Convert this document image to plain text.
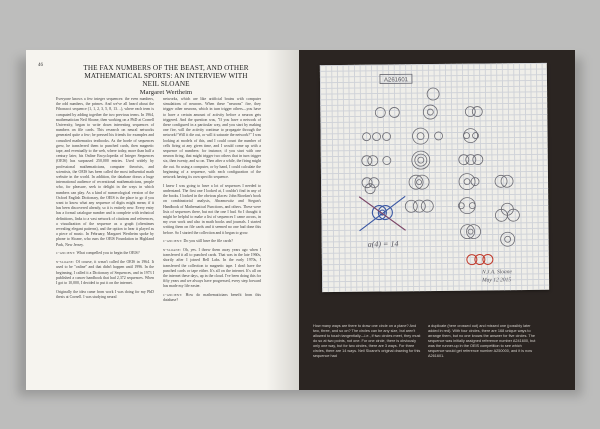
46	THE FAX NUMBERS OF THE BEAST, AND OTHER
MATHEMATICAL SPORTS: AN INTERVIEW WITH NEIL SLOANE
Margaret Wertheim

Everyone knows a few integer sequences: the even numbers, the odd numbers, the primes. And we've all heard about the Fibonacci sequence (1, 1, 2, 3, 5, 8, 13…), where each term is computed by adding together the two previous terms. In 1964, mathematician Neil Sloane, then working on a PhD at Cornell University, began to write down interesting sequences of numbers on file cards. This research on neural networks generated quite a few; he pressed his friends for examples and consulted mathematics textbooks. As the horde of sequences grew, he transferred them to punched cards, then magnetic tape, and eventually to the web, where today, more than half a century later, his Online Encyclopedia of Integer Sequences (OEIS) has surpassed 250,000 entries. Used widely by professional mathematicians, computer theorists, and scientists, the OEIS has been called the most influential math website in the world. In addition, the database draws a huge international audience of recreational mathematicians, people who, for pleasure, seek to delight in the ways in which numbers can play. As a kind of numerological version of the Oxford English Dictionary, the OEIS is the place to go if you want to know what any sequence of digits might mean; if it has been discovered already, so it is entirely new. Every entry has a formal catalogue number and is complete with technical definitions, links to a vast network of citations and references, a visualization of the sequence as a graph (oftentimes revealing elegant patterns), and the option to hear it played as a piece of music. In February, Margaret Wertheim spoke by phone to Sloane, who runs the OEIS Foundation in Highland Park, New Jersey.

c-ancient: What compelled you to begin the OEIS?

n-sloane: Of course, it wasn't called the OEIS in 1964. It used to be "online" and that didn't happen until 1996. In the beginning, I called it a Dictionary of Sequences, and in 1973 I published a cancer handbook that had 2,372 sequences. When I got to 10,000, I decided to put it on the internet.

Originally the idea came from work I was doing for my PhD thesis at Cornell. I was studying neural

networks, which are like artificial brains with computer simulations of neurons. When these "neurons" fire, they trigger other neurons, which in turn trigger others—you have to have a certain amount of activity before a neuron gets triggered. And the question was, "If you have a network of these configured in a particular way, and you start by making one fire, will the activity continue to propagate through the network? Will it die out, or will it saturate the network?" I was looking at models of this, and I could count the number of cells firing at any given time, and I would come up with a sequence of numbers: for instance, if you start with one neuron firing, that might trigger two others that in turn trigger six, then twenty, and so on. Then after a while, the firing might die out. So using a computer, or by hand, I could calculate the beginning of a sequence, with each configuration of the network having its own specific sequence.

I knew I was going to have a lot of sequences I needed to understand. The first one I looked at, I couldn't find in any of the books. I looked in the obvious places: John Riordan's book on combinatorial analysis, Abramowitz and Stegun's Handbook of Mathematical Functions, and others. These were lists of sequences there, but not the one I had. So I thought it might be helpful to make a list of sequences I came across, in my own work and also in math books and journals. I started writing them on file cards and it seemed no one had done this before. So I started the collection and it began to grow.

c-ancient: Do you still have the file cards?

n-sloane: Oh, yes. I threw them away years ago when I transferred it all to punched cards. That was in the late 1960s, shortly after I joined Bell Labs. In the early 1970s, I transferred the collection to magnetic tape. I don't have the punched cards or tape either. It's all on the internet. It's all on the internet these days, up in the cloud. I've been doing this for fifty years and we always have progressed, every step forward has made my life easier.

c-ancient: How do mathematicians benefit from this database?

A261601
a(4) = 14
N.J.A. Sloane
May 12 2015
How many ways are there to draw one circle on a plane? And two, three, and so on? The circles can be any size, but aren't allowed to touch tangentially—i.e., if two circles meet, they must do so at two points, not one. For one circle, there is obviously only one way, but for two circles, there are 3 ways. For three circles, there are 14 ways. Neil Sloane's original drawing for this sequence had
a duplicate (here crossed out) and missed one (possibly later added in red). With four circles, there are 168 unique ways to arrange them, but no one knows the answer for five circles. The sequence was initially assigned reference number A241600, but was the runner-up in the OEIS competition to see which sequence would get reference number A250000, and it is now A261601.
